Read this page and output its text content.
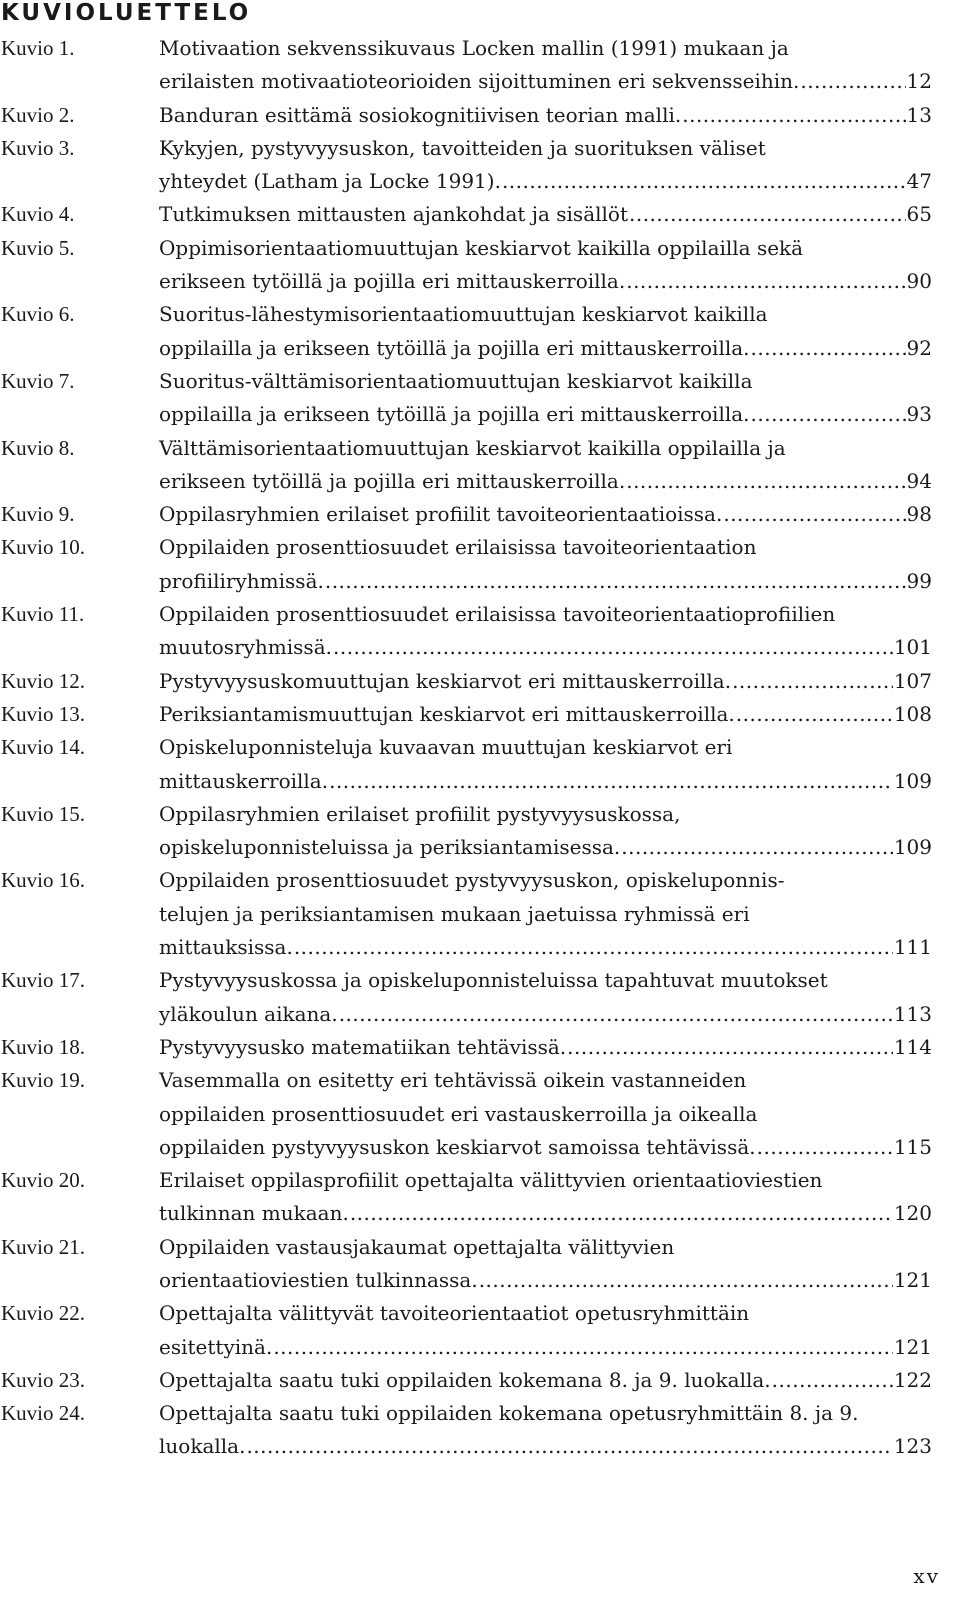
KUVIOLUETTELO
Kuvio 1.	Motivaation sekvenssikuvaus Locken mallin (1991) mukaan ja
erilaisten motivaatioteorioiden sijoittuminen eri sekvensseihin. .....	12
Kuvio 2.	Banduran esittämä sosiokognitiivisen teorian malli. .....	13
Kuvio 3.	Kykyjen, pystyvyysuskon, tavoitteiden ja suorituksen väliset
yhteydet (Latham ja Locke 1991). .....	47
Kuvio 4.	Tutkimuksen mittausten ajankohdat ja sisällöt .....	65
Kuvio 5.	Oppimisorientaatiomuuttujan keskiarvot kaikilla oppilailla sekä
erikseen tytöillä ja pojilla eri mittauskerroilla. .....	90
Kuvio 6.	Suoritus-lähestymisorientaatiomuuttujan keskiarvot kaikilla
oppilailla ja erikseen tytöillä ja pojilla eri mittauskerroilla. .....	92
Kuvio 7.	Suoritus-välttämisorientaatiomuuttujan keskiarvot kaikilla
oppilailla ja erikseen tytöillä ja pojilla eri mittauskerroilla. .....	93
Kuvio 8.	Välttämisorientaatiomuuttujan keskiarvot kaikilla oppilailla ja
erikseen tytöillä ja pojilla eri mittauskerroilla. .....	94
Kuvio 9.	Oppilasryhmien erilaiset profiilit tavoiteorientaatioissa. .....	98
Kuvio 10.	Oppilaiden prosenttiosuudet erilaisissa tavoiteorientaation
profiiliryhmissä. .....	99
Kuvio 11.	Oppilaiden prosenttiosuudet erilaisissa tavoiteorientaatioprofiilien
muutosryhmissä. .....	101
Kuvio 12.	Pystyvyysuskomuuttujan keskiarvot eri mittauskerroilla. .....	107
Kuvio 13.	Periksiantamismuuttujan keskiarvot eri mittauskerroilla. .....	108
Kuvio 14.	Opiskeluponnisteluja kuvaavan muuttujan keskiarvot eri
mittauskerroilla. .....	109
Kuvio 15.	Oppilasryhmien erilaiset profiilit pystyvyysuskossa,
opiskeluponnisteluissa ja periksiantamisessa. .....	109
Kuvio 16.	Oppilaiden prosenttiosuudet pystyvyysuskon, opiskeluponnis-
telujen ja periksiantamisen mukaan jaetuissa ryhmissä eri
mittauksissa. .....	111
Kuvio 17.	Pystyvyysuskossa ja opiskeluponnisteluissa tapahtuvat muutokset
yläkoulun aikana. .....	113
Kuvio 18.	Pystyvyysusko matematiikan tehtävissä. .....	114
Kuvio 19.	Vasemmalla on esitetty eri tehtävissä oikein vastanneiden
oppilaiden prosenttiosuudet eri vastauskerroilla ja oikealla
oppilaiden pystyvyysuskon keskiarvot samoissa tehtävissä. .....	115
Kuvio 20.	Erilaiset oppilasprofiilit opettajalta välittyvien orientaatioviestien
tulkinnan mukaan. .....	120
Kuvio 21.	Oppilaiden vastausjakaumat opettajalta välittyvien
orientaatioviestien tulkinnassa. .....	121
Kuvio 22.	Opettajalta välittyvät tavoiteorientaatiot opetusryhmittäin
esitettyinä. .....	121
Kuvio 23.	Opettajalta saatu tuki oppilaiden kokemana 8. ja 9. luokalla. .....	122
Kuvio 24.	Opettajalta saatu tuki oppilaiden kokemana opetusryhmittäin 8. ja 9.
luokalla. .....	123
xv
